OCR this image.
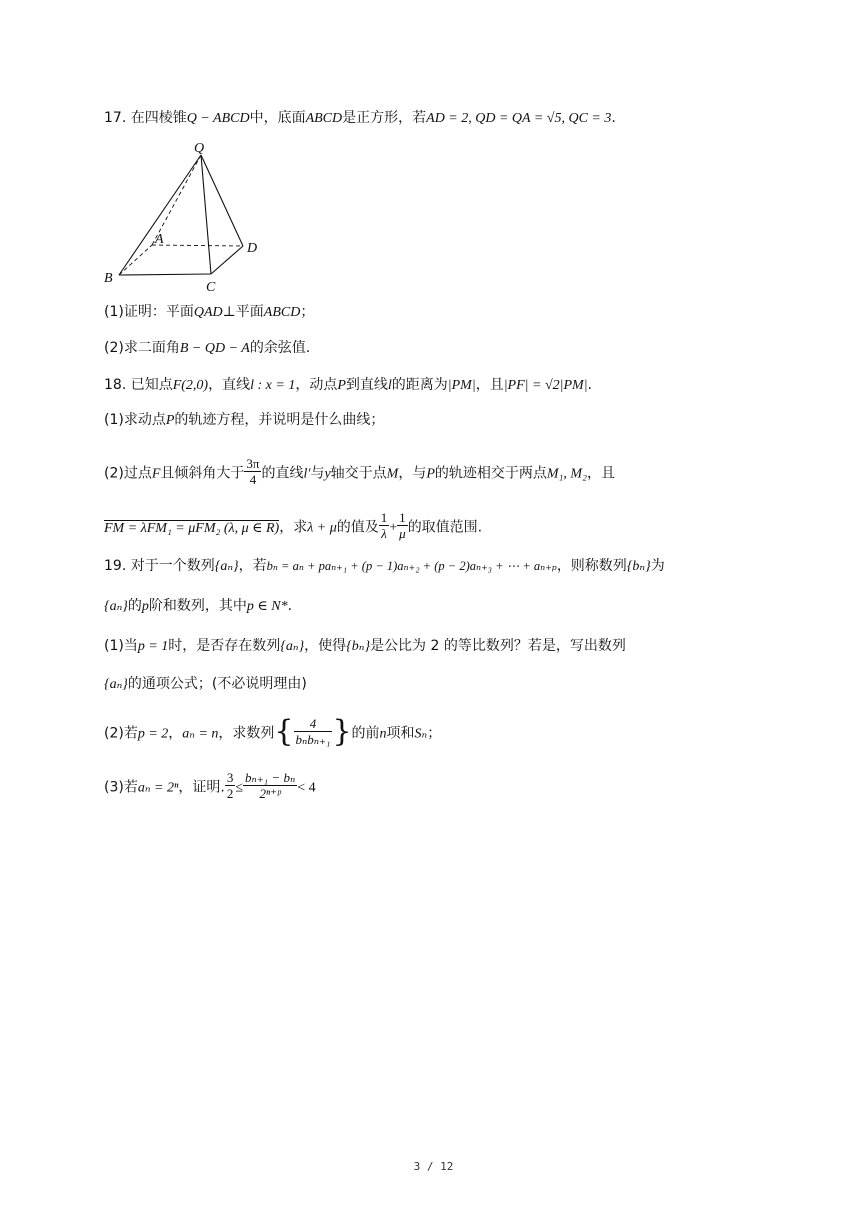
17. 在四棱锥Q − ABCD中，底面ABCD是正方形，若AD = 2, QD = QA = √5, QC = 3.
Q
A
B
C
D
(1)证明：平面QAD⊥平面ABCD；
(2)求二面角B − QD − A的余弦值.
18. 已知点F(2,0)，直线l : x = 1，动点P到直线l的距离为|PM|，且|PF| = √2|PM|.
(1)求动点P的轨迹方程，并说明是什么曲线；
(2)过点F且倾斜角大于 $\frac{3\pi}{4}$ 的直线l′与y轴交于点M，与P的轨迹相交于两点M₁, M₂，且
FM = λFM₁ = μFM₂ (λ, μ ∈ R)，求λ + μ的值及 $\frac{1}{\lambda} + \frac{1}{\mu}$ 的取值范围.
19. 对于一个数列{aₙ}，若bₙ = aₙ + paₙ₊₁ + (p − 1)aₙ₊₂ + (p − 2)aₙ₊₃ + ⋯ + aₙ₊ₚ，则称数列{bₙ}为
{aₙ}的p阶和数列，其中p ∈ N*.
(1)当p = 1时，是否存在数列{aₙ}，使得{bₙ}是公比为 2 的等比数列？若是，写出数列
{aₙ}的通项公式；(不必说明理由)
(2)若p = 2，aₙ = n，求数列{ $\frac{4}{\text{bₙbₙ₊₁}}$ }的前n项和Sₙ；
(3)若aₙ = 2ⁿ，证明. $\frac{3}{2} \le \frac{\text{bₙ₊₁ − bₙ}}{\text{2ⁿ⁺ᵖ}} < 4$
3 / 12
